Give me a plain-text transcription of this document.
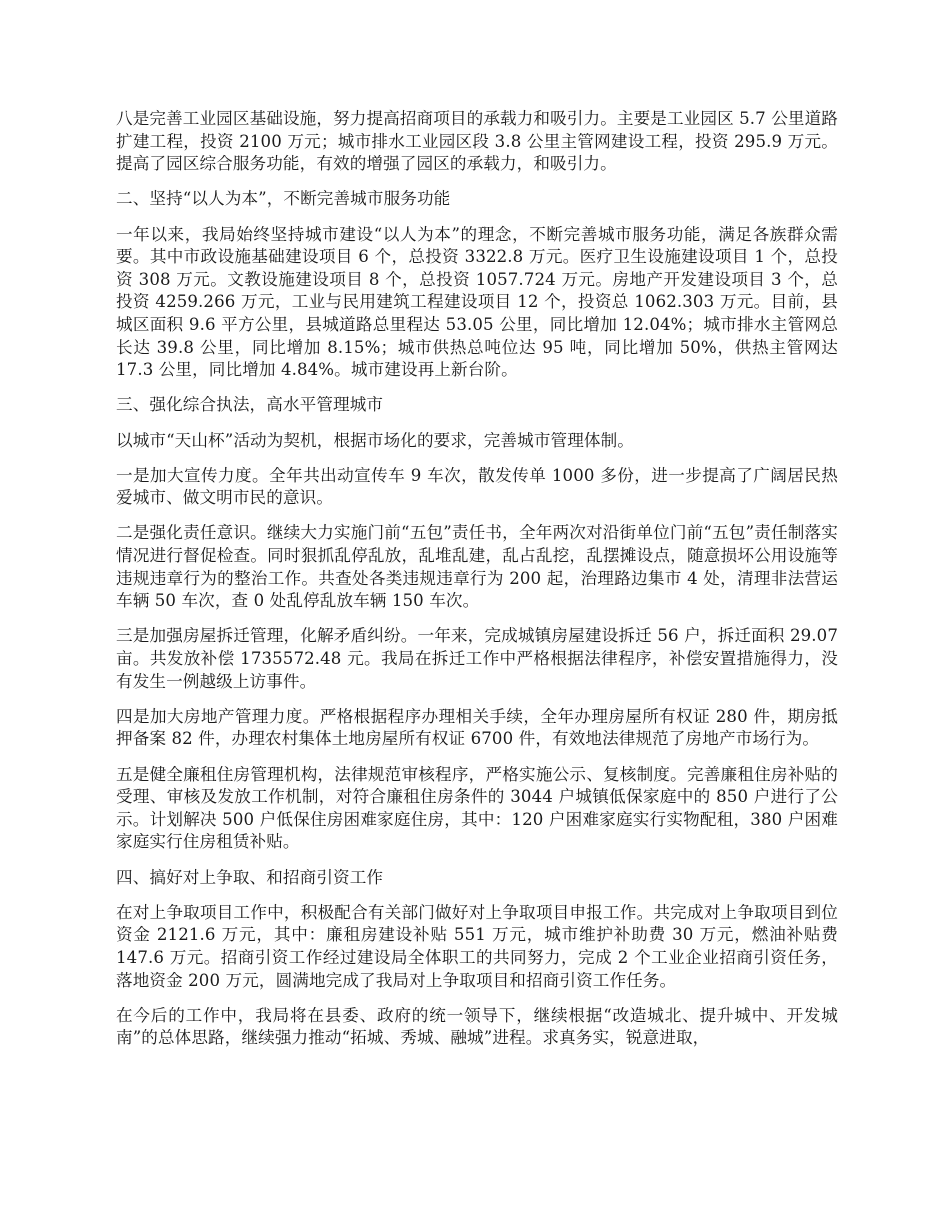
八是完善工业园区基础设施，努力提高招商项目的承载力和吸引力。主要是工业园区 5.7 公里道路扩建工程，投资 2100 万元；城市排水工业园区段 3.8 公里主管网建设工程，投资 295.9 万元。提高了园区综合服务功能，有效的增强了园区的承载力，和吸引力。

二、坚持“以人为本”，不断完善城市服务功能

一年以来，我局始终坚持城市建设“以人为本”的理念，不断完善城市服务功能，满足各族群众需要。其中市政设施基础建设项目 6 个，总投资 3322.8 万元。医疗卫生设施建设项目 1 个，总投资 308 万元。文教设施建设项目 8 个，总投资 1057.724 万元。房地产开发建设项目 3 个，总投资 4259.266 万元，工业与民用建筑工程建设项目 12 个，投资总 1062.303 万元。目前，县城区面积 9.6 平方公里，县城道路总里程达 53.05 公里，同比增加 12.04%；城市排水主管网总长达 39.8 公里，同比增加 8.15%；城市供热总吨位达 95 吨，同比增加 50%，供热主管网达 17.3 公里，同比增加 4.84%。城市建设再上新台阶。

三、强化综合执法，高水平管理城市

以城市“天山杯”活动为契机，根据市场化的要求，完善城市管理体制。

一是加大宣传力度。全年共出动宣传车 9 车次，散发传单 1000 多份，进一步提高了广阔居民热爱城市、做文明市民的意识。

二是强化责任意识。继续大力实施门前“五包”责任书，全年两次对沿街单位门前“五包”责任制落实情况进行督促检查。同时狠抓乱停乱放，乱堆乱建，乱占乱挖，乱摆摊设点，随意损坏公用设施等违规违章行为的整治工作。共查处各类违规违章行为 200 起，治理路边集市 4 处，清理非法营运车辆 50 车次，查 0 处乱停乱放车辆 150 车次。

三是加强房屋拆迁管理，化解矛盾纠纷。一年来，完成城镇房屋建设拆迁 56 户，拆迁面积 29.07 亩。共发放补偿 1735572.48 元。我局在拆迁工作中严格根据法律程序，补偿安置措施得力，没有发生一例越级上访事件。

四是加大房地产管理力度。严格根据程序办理相关手续，全年办理房屋所有权证 280 件，期房抵押备案 82 件，办理农村集体土地房屋所有权证 6700 件，有效地法律规范了房地产市场行为。

五是健全廉租住房管理机构，法律规范审核程序，严格实施公示、复核制度。完善廉租住房补贴的受理、审核及发放工作机制，对符合廉租住房条件的 3044 户城镇低保家庭中的 850 户进行了公示。计划解决 500 户低保住房困难家庭住房，其中：120 户困难家庭实行实物配租，380 户困难家庭实行住房租赁补贴。

四、搞好对上争取、和招商引资工作

在对上争取项目工作中，积极配合有关部门做好对上争取项目申报工作。共完成对上争取项目到位资金 2121.6 万元，其中：廉租房建设补贴 551 万元，城市维护补助费 30 万元，燃油补贴费 147.6 万元。招商引资工作经过建设局全体职工的共同努力，完成 2 个工业企业招商引资任务，落地资金 200 万元，圆满地完成了我局对上争取项目和招商引资工作任务。

在今后的工作中，我局将在县委、政府的统一领导下，继续根据“改造城北、提升城中、开发城南”的总体思路，继续强力推动“拓城、秀城、融城”进程。求真务实，锐意进取，
